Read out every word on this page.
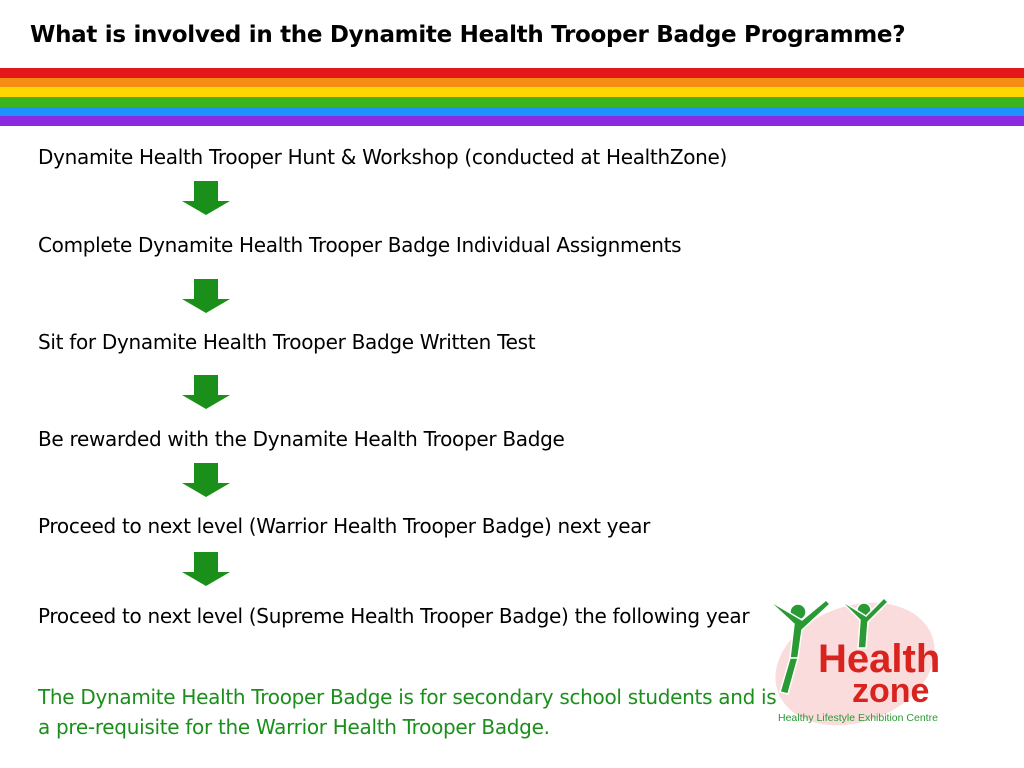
What is involved in the Dynamite Health Trooper Badge Programme?

Dynamite Health Trooper Hunt & Workshop (conducted at HealthZone)

Complete Dynamite Health Trooper Badge Individual Assignments

Sit for Dynamite Health Trooper Badge Written Test

Be rewarded with the Dynamite Health Trooper Badge

Proceed to next level (Warrior Health Trooper Badge) next year

Proceed to next level (Supreme Health Trooper Badge) the following year

The Dynamite Health Trooper Badge is for secondary school students and is a pre-requisite for the Warrior Health Trooper Badge.

Health
zone
Healthy Lifestyle Exhibition Centre
